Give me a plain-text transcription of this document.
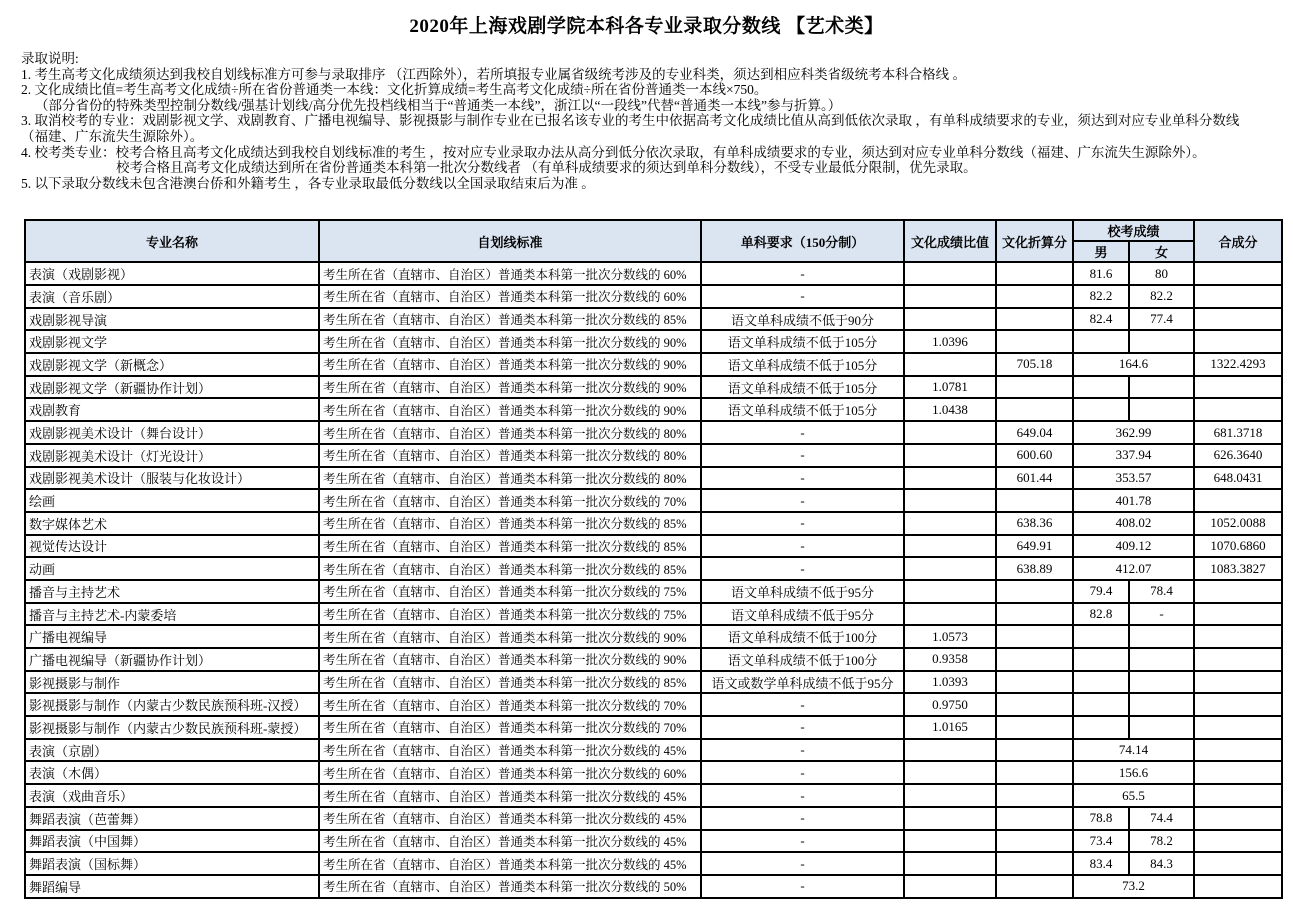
2020年上海戏剧学院本科各专业录取分数线 【艺术类】
录取说明:
1. 考生高考文化成绩须达到我校自划线标准方可参与录取排序 （江西除外），若所填报专业属省级统考涉及的专业科类，须达到相应科类省级统考本科合格线 。
2. 文化成绩比值=考生高考文化成绩÷所在省份普通类一本线：文化折算成绩=考生高考文化成绩÷所在省份普通类一本线×750。
（部分省份的特殊类型控制分数线/强基计划线/高分优先投档线相当于“普通类一本线”，浙江以“一段线”代替“普通类一本线”参与折算。）
3. 取消校考的专业：戏剧影视文学、戏剧教育、广播电视编导、影视摄影与制作专业在已报名该专业的考生中依据高考文化成绩比值从高到低依次录取 ，有单科成绩要求的专业，须达到对应专业单科分数线
（福建、广东流失生源除外）。
4. 校考类专业：校考合格且高考文化成绩达到我校自划线标准的考生 ，按对应专业录取办法从高分到低分依次录取，有单科成绩要求的专业，须达到对应专业单科分数线（福建、广东流失生源除外）。
校考合格且高考文化成绩达到所在省份普通类本科第一批次分数线者 （有单科成绩要求的须达到单科分数线），不受专业最低分限制，优先录取。
5. 以下录取分数线未包含港澳台侨和外籍考生 ，各专业录取最低分数线以全国录取结束后为准 。
专业名称	自划线标准	单科要求（150分制）	文化成绩比值	文化折算分	校考成绩		合成分
					男	女	
表演（戏剧影视）	考生所在省（直辖市、自治区）普通类本科第一批次分数线的 60%	-			81.6	80	
表演（音乐剧）	考生所在省（直辖市、自治区）普通类本科第一批次分数线的 60%	-			82.2	82.2	
戏剧影视导演	考生所在省（直辖市、自治区）普通类本科第一批次分数线的 85%	语文单科成绩不低于90分			82.4	77.4	
戏剧影视文学	考生所在省（直辖市、自治区）普通类本科第一批次分数线的 90%	语文单科成绩不低于105分	1.0396				
戏剧影视文学（新概念）	考生所在省（直辖市、自治区）普通类本科第一批次分数线的 90%	语文单科成绩不低于105分		705.18	164.6		1322.4293
戏剧影视文学（新疆协作计划）	考生所在省（直辖市、自治区）普通类本科第一批次分数线的 90%	语文单科成绩不低于105分	1.0781				
戏剧教育	考生所在省（直辖市、自治区）普通类本科第一批次分数线的 90%	语文单科成绩不低于105分	1.0438				
戏剧影视美术设计（舞台设计）	考生所在省（直辖市、自治区）普通类本科第一批次分数线的 80%	-		649.04	362.99		681.3718
戏剧影视美术设计（灯光设计）	考生所在省（直辖市、自治区）普通类本科第一批次分数线的 80%	-		600.60	337.94		626.3640
戏剧影视美术设计（服装与化妆设计）	考生所在省（直辖市、自治区）普通类本科第一批次分数线的 80%	-		601.44	353.57		648.0431
绘画	考生所在省（直辖市、自治区）普通类本科第一批次分数线的 70%	-			401.78		
数字媒体艺术	考生所在省（直辖市、自治区）普通类本科第一批次分数线的 85%	-		638.36	408.02		1052.0088
视觉传达设计	考生所在省（直辖市、自治区）普通类本科第一批次分数线的 85%	-		649.91	409.12		1070.6860
动画	考生所在省（直辖市、自治区）普通类本科第一批次分数线的 85%	-		638.89	412.07		1083.3827
播音与主持艺术	考生所在省（直辖市、自治区）普通类本科第一批次分数线的 75%	语文单科成绩不低于95分			79.4	78.4	
播音与主持艺术-内蒙委培	考生所在省（直辖市、自治区）普通类本科第一批次分数线的 75%	语文单科成绩不低于95分			82.8	-	
广播电视编导	考生所在省（直辖市、自治区）普通类本科第一批次分数线的 90%	语文单科成绩不低于100分	1.0573				
广播电视编导（新疆协作计划）	考生所在省（直辖市、自治区）普通类本科第一批次分数线的 90%	语文单科成绩不低于100分	0.9358				
影视摄影与制作	考生所在省（直辖市、自治区）普通类本科第一批次分数线的 85%	语文或数学单科成绩不低于95分	1.0393				
影视摄影与制作（内蒙古少数民族预科班-汉授）	考生所在省（直辖市、自治区）普通类本科第一批次分数线的 70%	-	0.9750				
影视摄影与制作（内蒙古少数民族预科班-蒙授）	考生所在省（直辖市、自治区）普通类本科第一批次分数线的 70%	-	1.0165				
表演（京剧）	考生所在省（直辖市、自治区）普通类本科第一批次分数线的 45%	-			74.14		
表演（木偶）	考生所在省（直辖市、自治区）普通类本科第一批次分数线的 60%	-			156.6		
表演（戏曲音乐）	考生所在省（直辖市、自治区）普通类本科第一批次分数线的 45%	-			65.5		
舞蹈表演（芭蕾舞）	考生所在省（直辖市、自治区）普通类本科第一批次分数线的 45%	-			78.8	74.4	
舞蹈表演（中国舞）	考生所在省（直辖市、自治区）普通类本科第一批次分数线的 45%	-			73.4	78.2	
舞蹈表演（国标舞）	考生所在省（直辖市、自治区）普通类本科第一批次分数线的 45%	-			83.4	84.3	
舞蹈编导	考生所在省（直辖市、自治区）普通类本科第一批次分数线的 50%	-			73.2		
